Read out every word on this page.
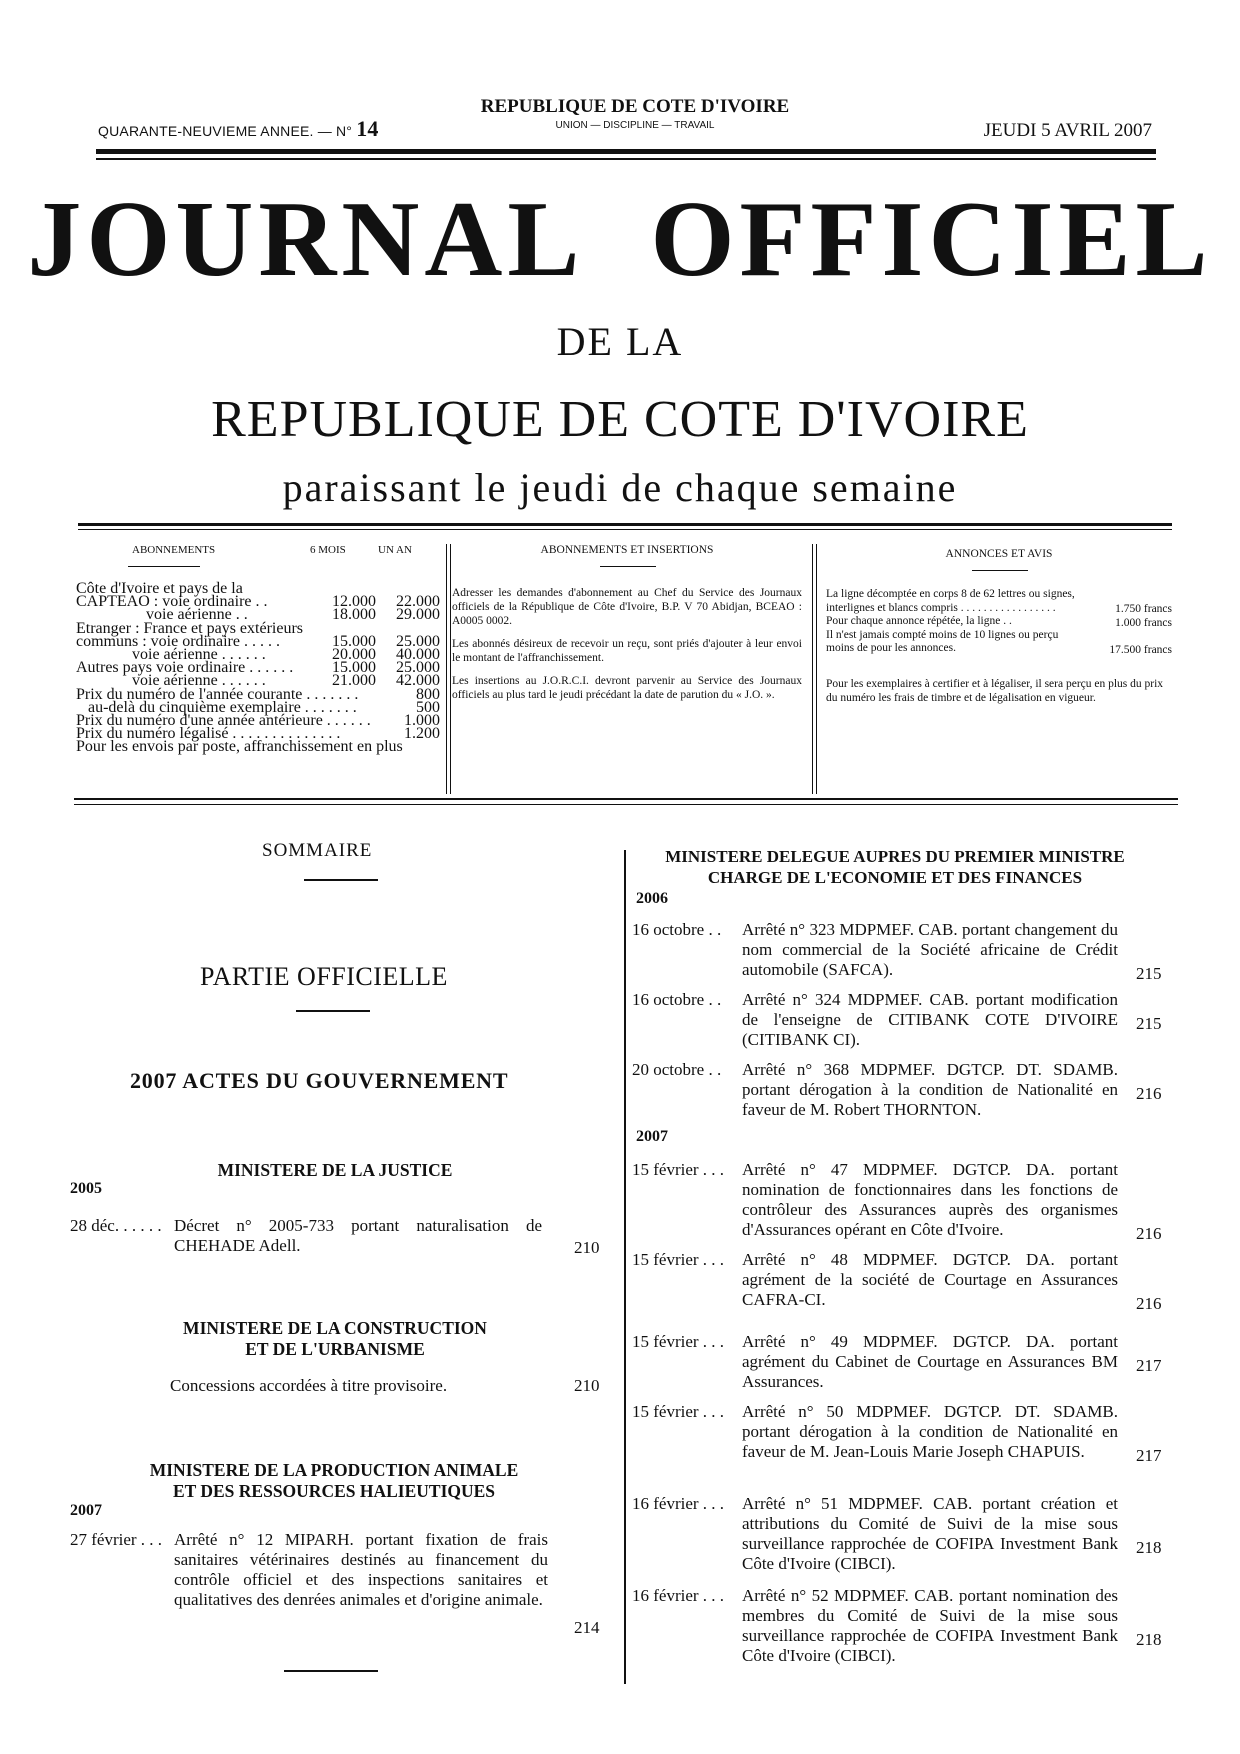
QUARANTE-NEUVIEME ANNEE. — N° 14
REPUBLIQUE DE COTE D'IVOIRE
UNION — DISCIPLINE — TRAVAIL	JEUDI 5 AVRIL 2007
JOURNAL OFFICIEL
DE LA
REPUBLIQUE DE COTE D'IVOIRE
paraissant le jeudi de chaque semaine
ABONNEMENTS	6 MOIS	UN AN
Côte d'Ivoire et pays de la
CAPTEAO : voie ordinaire . .	12.000 22.000
voie aérienne . .	18.000 29.000
Etranger : France et pays extérieurs
communs : voie ordinaire . . . . .	15.000 25.000
voie aérienne . . . . . .	20.000 40.000
Autres pays voie ordinaire . . . . . . 15.000 25.000
voie aérienne . . . . . .	21.000 42.000
Prix du numéro de l'année courante . . . . . . .	800
au-delà du cinquième exemplaire . . . . . . .	500
Prix du numéro d'une année antérieure . . . . . . 1.000
Prix du numéro légalisé . . . . . . . . . . . . . .	1.200
Pour les envois par poste, affranchissement en plus
ABONNEMENTS ET INSERTIONS

Adresser les demandes d'abonnement au Chef du Service des Journaux officiels de la République de Côte d'Ivoire, B.P. V 70 Abidjan, BCEAO : A0005 0002.

Les abonnés désireux de recevoir un reçu, sont priés d'ajouter à leur envoi le montant de l'affranchissement.

Les insertions au J.O.R.C.I. devront parvenir au Service des Journaux officiels au plus tard le jeudi précédant la date de parution du « J.O. ».

ANNONCES ET AVIS
La ligne décomptée en corps 8 de 62 lettres ou signes, interlignes et blancs compris . . . . . . . . . . . . . . . . .	1.750 francs
Pour chaque annonce répétée, la ligne . .	1.000 francs
Il n'est jamais compté moins de 10 lignes ou perçu moins de pour les annonces.	17.500 francs
Pour les exemplaires à certifier et à légaliser, il sera perçu en plus du prix du numéro les frais de timbre et de légalisation en vigueur.
SOMMAIRE
PARTIE OFFICIELLE
2007 ACTES DU GOUVERNEMENT
MINISTERE DE LA JUSTICE
2005
28 déc. . . . . . Décret n° 2005-733 portant naturalisation de CHEHADE Adell.	210
MINISTERE DE LA CONSTRUCTION
ET DE L'URBANISME
Concessions accordées à titre provisoire.	210
MINISTERE DE LA PRODUCTION ANIMALE
ET DES RESSOURCES HALIEUTIQUES
2007
27 février . . . Arrêté n° 12 MIPARH. portant fixation de frais sanitaires vétérinaires destinés au financement du contrôle officiel et des inspections sanitaires et qualitatives des denrées animales et d'origine animale.
214
MINISTERE DELEGUE AUPRES DU PREMIER MINISTRE
CHARGE DE L'ECONOMIE ET DES FINANCES
2006
2007
16 octobre . . Arrêté n° 323 MDPMEF. CAB. portant changement du nom commercial de la Société africaine de Crédit automobile (SAFCA).	215
16 octobre . . Arrêté n° 324 MDPMEF. CAB. portant modification de l'enseigne de CITIBANK COTE D'IVOIRE (CITIBANK CI).
215
20 octobre . . Arrêté n° 368 MDPMEF. DGTCP. DT. SDAMB. portant dérogation à la condition de Nationalité en faveur de M. Robert THORNTON.
216
15 février . . . Arrêté n° 47 MDPMEF. DGTCP. DA. portant nomination de fonctionnaires dans les fonctions de contrôleur des Assurances auprès des organismes d'Assurances opérant en Côte d'Ivoire.	216
15 février . . . Arrêté n° 48 MDPMEF. DGTCP. DA. portant agrément de la société de Courtage en Assurances CAFRA-CI.	216
15 février . . . Arrêté n° 49 MDPMEF. DGTCP. DA. portant agrément du Cabinet de Courtage en Assurances BM Assurances.
217
15 février . . . Arrêté n° 50 MDPMEF. DGTCP. DT. SDAMB. portant dérogation à la condition de Nationalité en faveur de M. Jean-Louis Marie Joseph CHAPUIS.	217
16 février . . . Arrêté n° 51 MDPMEF. CAB. portant création et attributions du Comité de Suivi de la mise sous surveillance rapprochée de COFIPA Investment Bank Côte d'Ivoire (CIBCI).
218
16 février . . . Arrêté n° 52 MDPMEF. CAB. portant nomination des membres du Comité de Suivi de la mise sous surveillance rapprochée de COFIPA Investment Bank Côte d'Ivoire (CIBCI).
218
